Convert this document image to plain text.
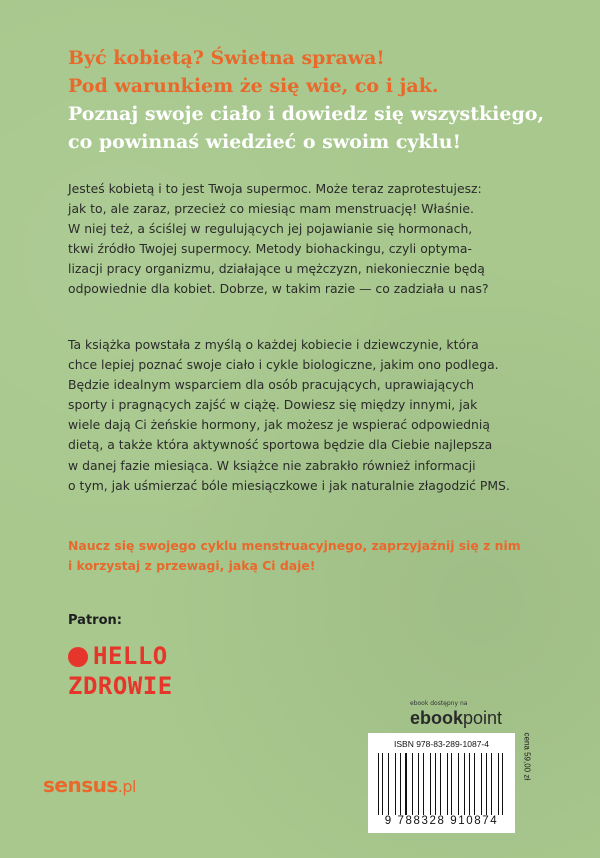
Być kobietą? Świetna sprawa!
Pod warunkiem że się wie, co i jak.
Poznaj swoje ciało i dowiedz się wszystkiego,
co powinnaś wiedzieć o swoim cyklu!
Jesteś kobietą i to jest Twoja supermoc. Może teraz zaprotestujesz:
jak to, ale zaraz, przecież co miesiąc mam menstruację! Właśnie.
W niej też, a ściślej w regulujących jej pojawianie się hormonach,
tkwi źródło Twojej supermocy. Metody biohackingu, czyli optyma-
lizacji pracy organizmu, działające u mężczyzn, niekoniecznie będą
odpowiednie dla kobiet. Dobrze, w takim razie — co zadziała u nas?
Ta książka powstała z myślą o każdej kobiecie i dziewczynie, która
chce lepiej poznać swoje ciało i cykle biologiczne, jakim ono podlega.
Będzie idealnym wsparciem dla osób pracujących, uprawiających
sporty i pragnących zajść w ciążę. Dowiesz się między innymi, jak
wiele dają Ci żeńskie hormony, jak możesz je wspierać odpowiednią
dietą, a także która aktywność sportowa będzie dla Ciebie najlepsza
w danej fazie miesiąca. W książce nie zabrakło również informacji
o tym, jak uśmierzać bóle miesiączkowe i jak naturalnie złagodzić PMS.
Naucz się swojego cyklu menstruacyjnego, zaprzyjaźnij się z nim
i korzystaj z przewagi, jaką Ci daje!
Patron:
HELLO
ZDROWIE
ebook dostępny na
ebookpoint
ISBN 978-83-289-1087-4
9 788328 910874
cena 59,00 zł
sensus.pl
